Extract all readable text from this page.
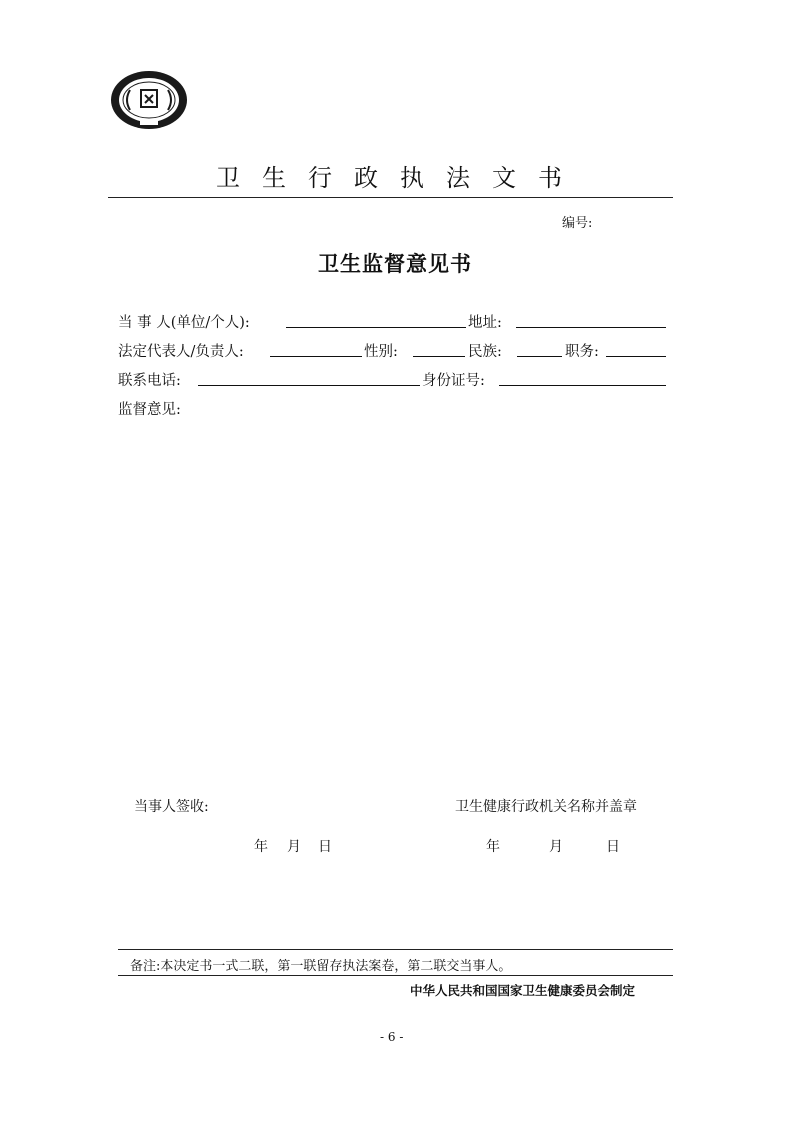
卫生行政执法文书
编号:
卫生监督意见书
当 事 人(单位/个人):	地址:
法定代表人/负责人:	性别:	民族:	职务:
联系电话:	身份证号:
监督意见:
当事人签收:	卫生健康行政机关名称并盖章
年 月 日	年	月	日
备注:本决定书一式二联，第一联留存执法案卷，第二联交当事人。
中华人民共和国国家卫生健康委员会制定
- 6 -
